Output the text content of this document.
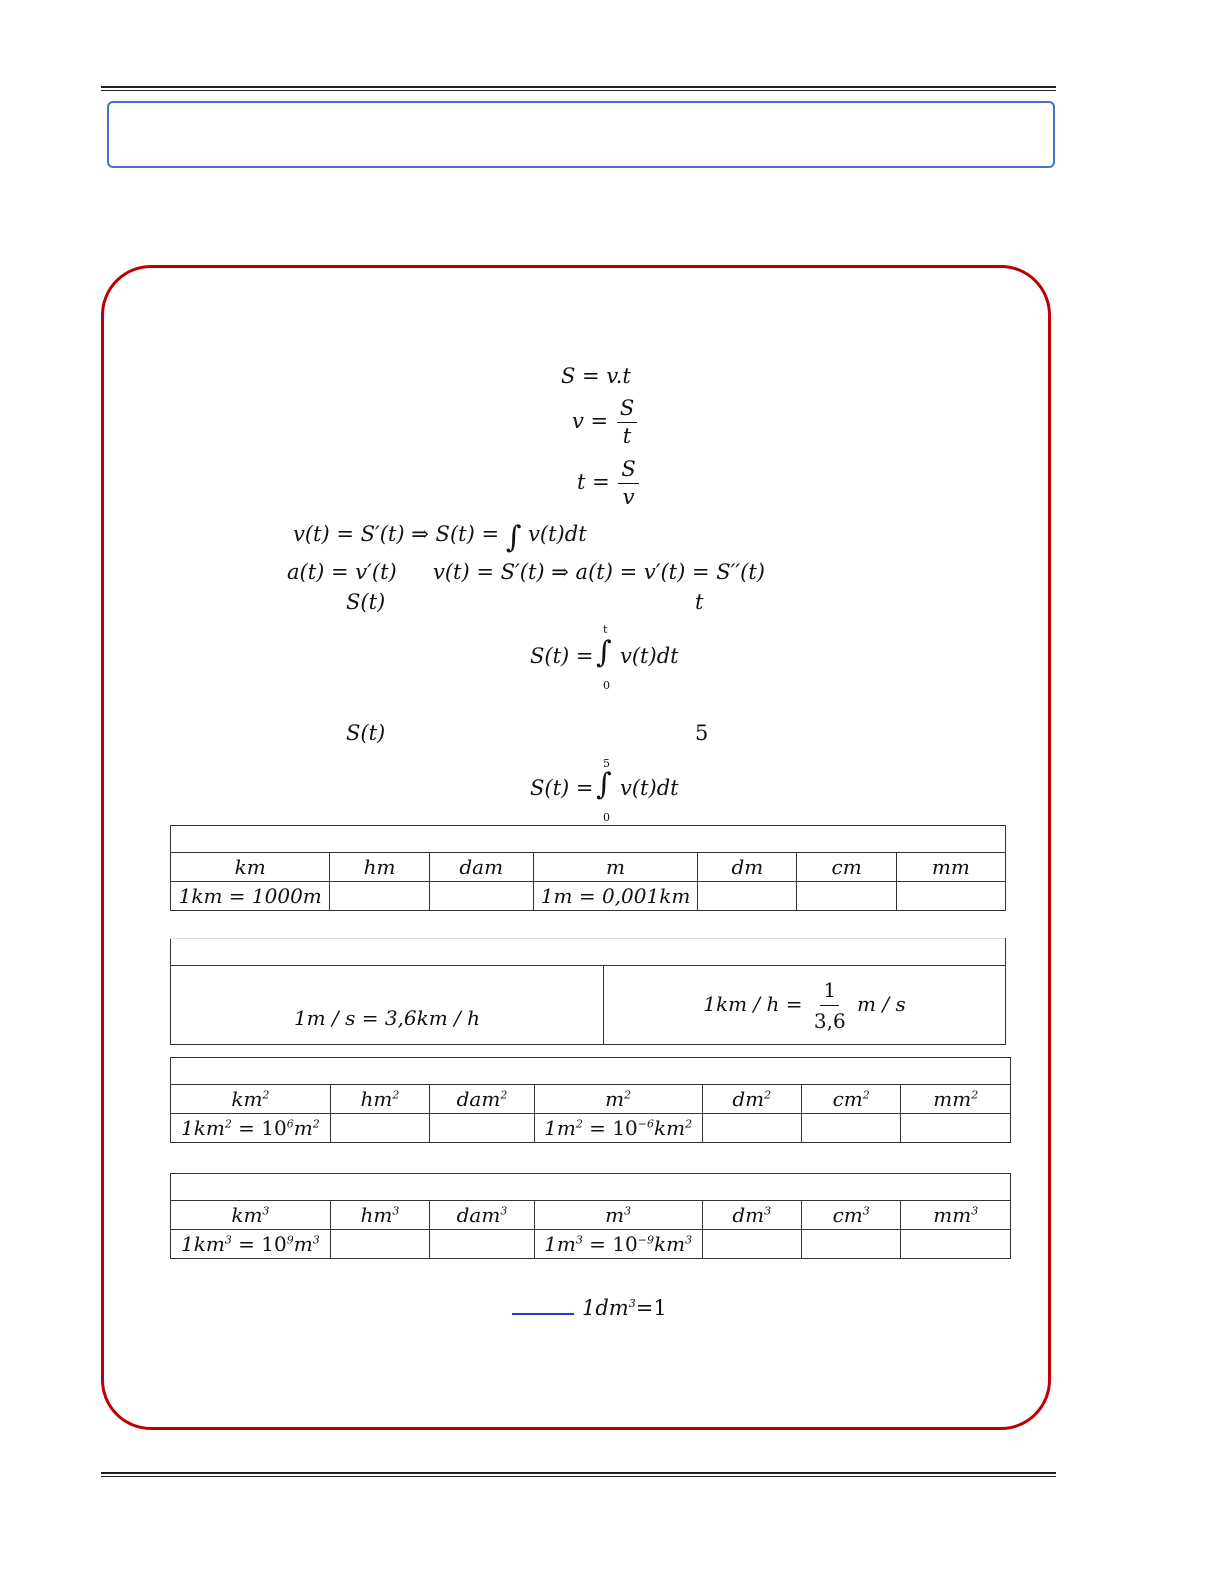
S = v.t
$v = \frac{S}{t}$
$t = \frac{S}{v}$
v(t) = S′(t) ⇒ S(t) = ∫ v(t)dt
a(t) = v′(t) v(t) = S′(t) ⇒ a(t) = v′(t) = S′′(t)
S(t)	t
S(t) =
t
∫
0
v(t)dt
S(t)	5
S(t) =
5
∫
0
v(t)dt

km	hm	dam	m	dm	cm	mm
1km = 1000m			1m = 0,001km			

1m / s = 3,6km / h	$1km / h = \frac{1}{3,6}$ m / s

$km^2$	$hm^2$	dam$^2$	$m^2$	$dm^2$	$cm^2$	$mm^2$
$1km^2 = 10^6m^2$			$1m^2 = 10^{-6}km^2$			

$km^3$	$hm^3$	dam$^3$	$m^3$	$dm^3$	$cm^3$	$mm^3$
$1km^3 = 10^9m^3$			$1m^3 = 10^{-9}km^3$			
$1dm^3=1$
